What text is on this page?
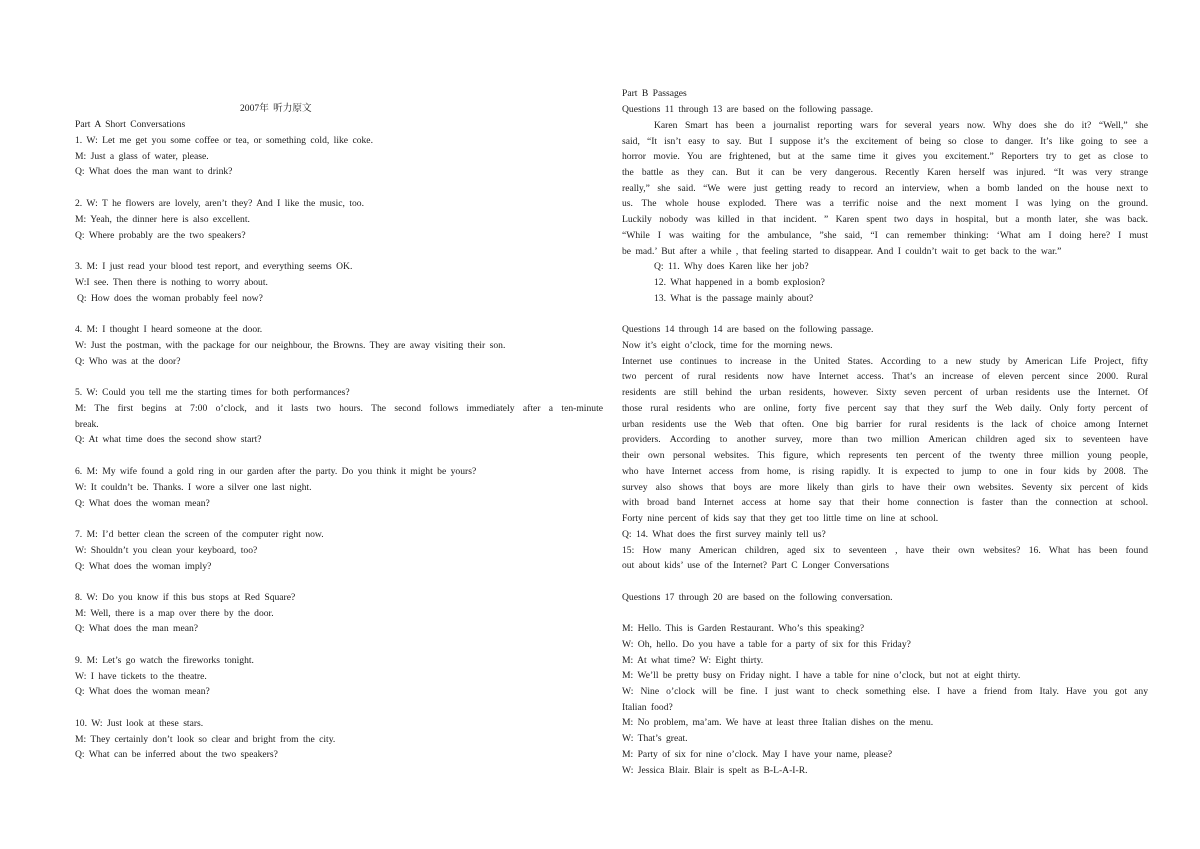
2007年 听力原文
Part A Short Conversations
1. W: Let me get you some coffee or tea, or something cold, like coke.
M: Just a glass of water, please.
Q: What does the man want to drink?
2. W: T he flowers are lovely, aren’t they? And I like the music, too.
M: Yeah, the dinner here is also excellent.
Q: Where probably are the two speakers?
3. M: I just read your blood test report, and everything seems OK.
W:I see. Then there is nothing to worry about.
Q: How does the woman probably feel now?
4. M: I thought I heard someone at the door.
W: Just the postman, with the package for our neighbour, the Browns. They are away visiting their son.
Q: Who was at the door?
5. W: Could you tell me the starting times for both performances?
M: The first begins at 7:00 o’clock, and it lasts two hours. The second follows immediately after a ten-minute
break.
Q: At what time does the second show start?
6. M: My wife found a gold ring in our garden after the party. Do you think it might be yours?
W: It couldn’t be. Thanks. I wore a silver one last night.
Q: What does the woman mean?
7. M: I’d better clean the screen of the computer right now.
W: Shouldn’t you clean your keyboard, too?
Q: What does the woman imply?
8. W: Do you know if this bus stops at Red Square?
M: Well, there is a map over there by the door.
Q: What does the man mean?
9. M: Let’s go watch the fireworks tonight.
W: I have tickets to the theatre.
Q: What does the woman mean?
10. W: Just look at these stars.
M: They certainly don’t look so clear and bright from the city.
Q: What can be inferred about the two speakers?
Part B Passages
Questions 11 through 13 are based on the following passage.
Karen Smart has been a journalist reporting wars for several years now. Why does she do it? “Well,” she
said, “It isn’t easy to say. But I suppose it’s the excitement of being so close to danger. It’s like going to see a
horror movie. You are frightened, but at the same time it gives you excitement.” Reporters try to get as close to
the battle as they can. But it can be very dangerous. Recently Karen herself was injured. “It was very strange
really,” she said. “We were just getting ready to record an interview, when a bomb landed on the house next to
us. The whole house exploded. There was a terrific noise and the next moment I was lying on the ground.
Luckily nobody was killed in that incident. ” Karen spent two days in hospital, but a month later, she was back.
“While I was waiting for the ambulance, ”she said, “I can remember thinking: ‘What am I doing here? I must
be mad.’ But after a while , that feeling started to disappear. And I couldn’t wait to get back to the war.”
Q: 11. Why does Karen like her job?
12. What happened in a bomb explosion?
13. What is the passage mainly about?
Questions 14 through 14 are based on the following passage.
Now it’s eight o’clock, time for the morning news.
Internet use continues to increase in the United States. According to a new study by American Life Project, fifty
two percent of rural residents now have Internet access. That’s an increase of eleven percent since 2000. Rural
residents are still behind the urban residents, however. Sixty seven percent of urban residents use the Internet. Of
those rural residents who are online, forty five percent say that they surf the Web daily. Only forty percent of
urban residents use the Web that often. One big barrier for rural residents is the lack of choice among Internet
providers. According to another survey, more than two million American children aged six to seventeen have
their own personal websites. This figure, which represents ten percent of the twenty three million young people,
who have Internet access from home, is rising rapidly. It is expected to jump to one in four kids by 2008. The
survey also shows that boys are more likely than girls to have their own websites. Seventy six percent of kids
with broad band Internet access at home say that their home connection is faster than the connection at school.
Forty nine percent of kids say that they get too little time on line at school.
Q: 14. What does the first survey mainly tell us?
15: How many American children, aged six to seventeen , have their own websites? 16. What has been found
out about kids’ use of the Internet? Part C Longer Conversations
Questions 17 through 20 are based on the following conversation.
M: Hello. This is Garden Restaurant. Who’s this speaking?
W: Oh, hello. Do you have a table for a party of six for this Friday?
M: At what time? W: Eight thirty.
M: We’ll be pretty busy on Friday night. I have a table for nine o’clock, but not at eight thirty.
W: Nine o’clock will be fine. I just want to check something else. I have a friend from Italy. Have you got any
Italian food?
M: No problem, ma’am. We have at least three Italian dishes on the menu.
W: That’s great.
M: Party of six for nine o’clock. May I have your name, please?
W: Jessica Blair. Blair is spelt as B-L-A-I-R.
